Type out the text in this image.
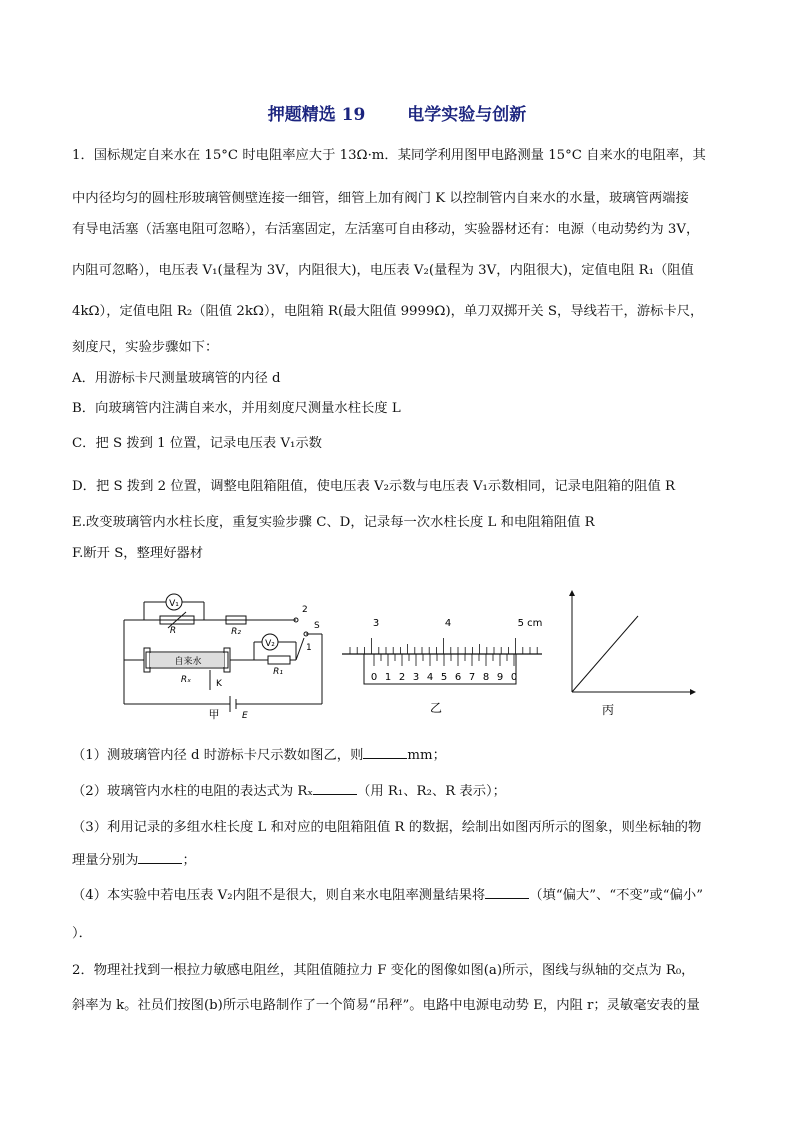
押题精选 19 电学实验与创新
1．国标规定自来水在 15°C 时电阻率应大于 13Ω·m．某同学利用图甲电路测量 15°C 自来水的电阻率，其
中内径均匀的圆柱形玻璃管侧壁连接一细管，细管上加有阀门 K 以控制管内自来水的水量，玻璃管两端接
有导电活塞（活塞电阻可忽略），右活塞固定，左活塞可自由移动，实验器材还有：电源（电动势约为 3V，
内阻可忽略），电压表 V₁(量程为 3V，内阻很大)，电压表 V₂(量程为 3V，内阻很大)，定值电阻 R₁（阻值
4kΩ），定值电阻 R₂（阻值 2kΩ），电阻箱 R(最大阻值 9999Ω)，单刀双掷开关 S，导线若干，游标卡尺，
刻度尺，实验步骤如下：
A．用游标卡尺测量玻璃管的内径 d
B．向玻璃管内注满自来水，并用刻度尺测量水柱长度 L
C．把 S 拨到 1 位置，记录电压表 V₁示数
D．把 S 拨到 2 位置，调整电阻箱阻值，使电压表 V₂示数与电压表 V₁示数相同，记录电阻箱的阻值 R
E.改变玻璃管内水柱长度，重复实验步骤 C、D，记录每一次水柱长度 L 和电阻箱阻值 R
F.断开 S，整理好器材
V₁
V₂
R	R₂
R₁
Rₓ
自来水
K
S
1
2
E
甲
3	4	5 cm
0 1 2 3 4 5 6 7 8 9 0
乙	丙
（1）测玻璃管内径 d 时游标卡尺示数如图乙，则	mm；
（2）玻璃管内水柱的电阻的表达式为 Rₓ	（用 R₁、R₂、R 表示）；
（3）利用记录的多组水柱长度 L 和对应的电阻箱阻值 R 的数据，绘制出如图丙所示的图象，则坐标轴的物
理量分别为	；
（4）本实验中若电压表 V₂内阻不是很大，则自来水电阻率测量结果将	（填“偏大”、“不变”或“偏小”
）．
2．物理社找到一根拉力敏感电阻丝，其阻值随拉力 F 变化的图像如图(a)所示，图线与纵轴的交点为 R₀，
斜率为 k。社员们按图(b)所示电路制作了一个简易“吊秤”。电路中电源电动势 E，内阻 r；灵敏毫安表的量
